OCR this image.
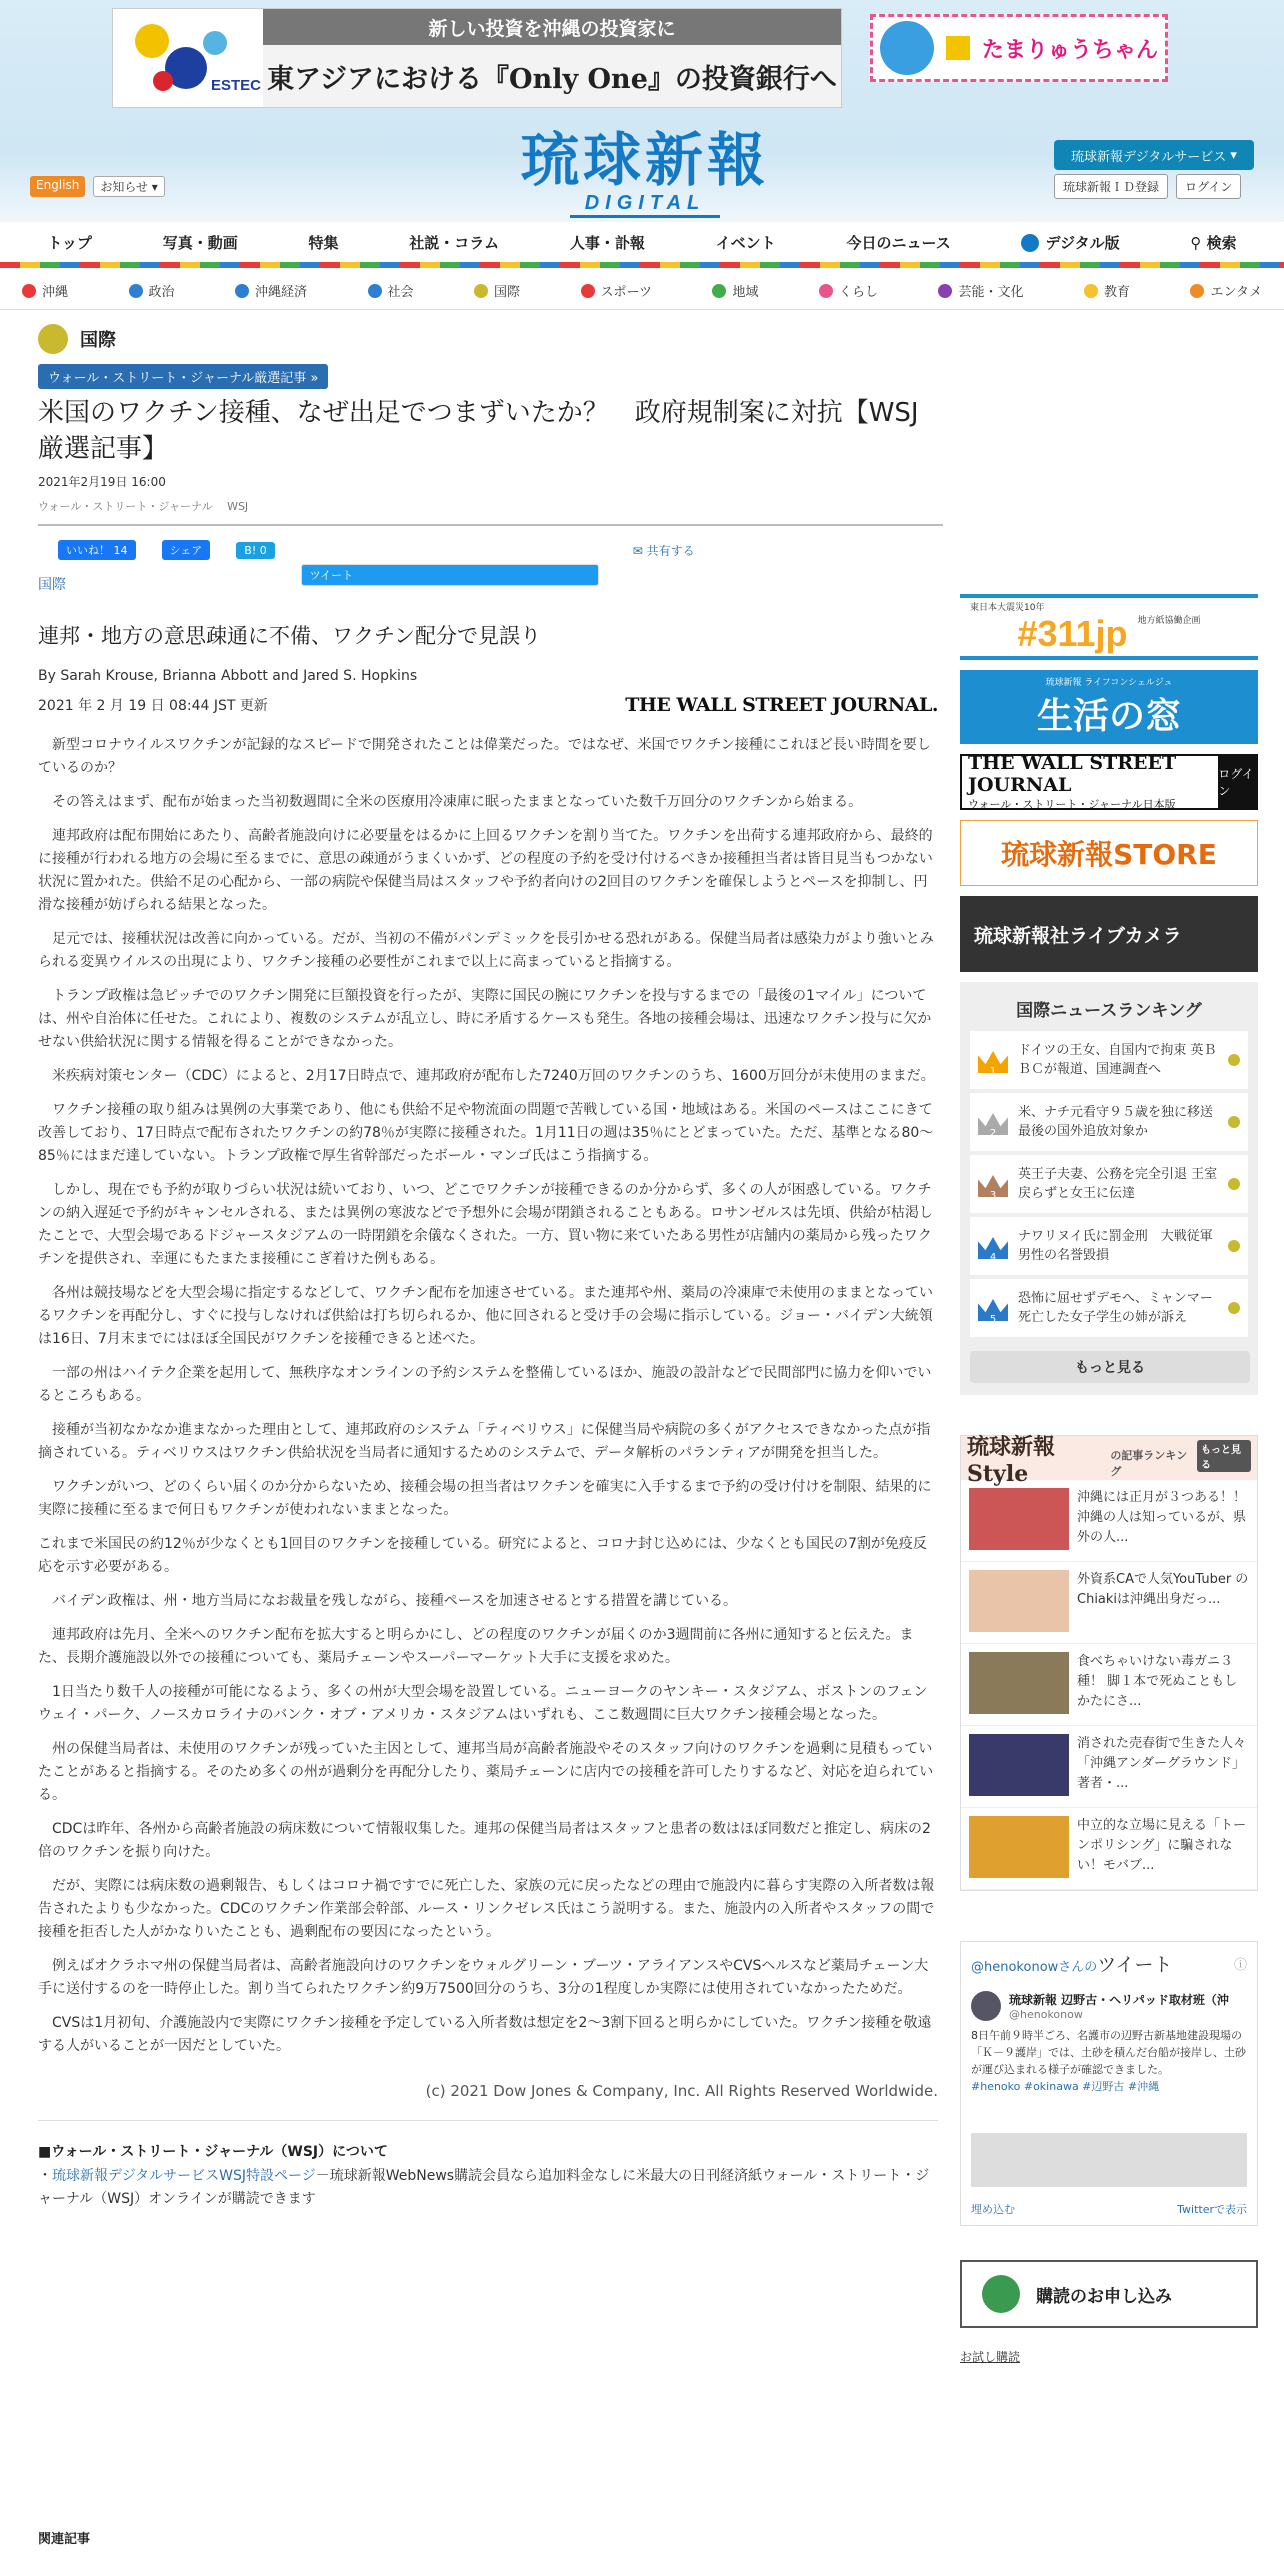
ESTEC
新しい投資を沖縄の投資家に
東アジアにおける『Only One』の投資銀行へ
たまりゅうちゃん
琉球新報
DIGITAL
English	お知らせ ▾
琉球新報デジタルサービス ▾
琉球新報ＩＤ登録	ログイン
トップ	写真・動画	特集	社説・コラム	人事・訃報	イベント	今日のニュース	デジタル版	⚲ 検索
沖縄	政治	沖縄経済	社会	国際	スポーツ	地域	くらし	芸能・文化	教育	エンタメ
国際
ウォール・ストリート・ジャーナル厳選記事 »
米国のワクチン接種、なぜ出足でつまずいたか？　政府規制案に対抗【WSJ厳選記事】
2021年2月19日 16:00
ウォール・ストリート・ジャーナル　 WSJ
いいね！ 14	シェア	B! 0
ツイート
✉ 共有する
国際
連邦・地方の意思疎通に不備、ワクチン配分で見誤り
By Sarah Krouse, Brianna Abbott and Jared S. Hopkins
2021 年 2 月 19 日 08:44 JST 更新	THE WALL STREET JOURNAL.

新型コロナウイルスワクチンが記録的なスピードで開発されたことは偉業だった。ではなぜ、米国でワクチン接種にこれほど長い時間を要しているのか？

その答えはまず、配布が始まった当初数週間に全米の医療用冷凍庫に眠ったままとなっていた数千万回分のワクチンから始まる。

連邦政府は配布開始にあたり、高齢者施設向けに必要量をはるかに上回るワクチンを割り当てた。ワクチンを出荷する連邦政府から、最終的に接種が行われる地方の会場に至るまでに、意思の疎通がうまくいかず、どの程度の予約を受け付けるべきか接種担当者は皆目見当もつかない状況に置かれた。供給不足の心配から、一部の病院や保健当局はスタッフや予約者向けの2回目のワクチンを確保しようとペースを抑制し、円滑な接種が妨げられる結果となった。

足元では、接種状況は改善に向かっている。だが、当初の不備がパンデミックを長引かせる恐れがある。保健当局者は感染力がより強いとみられる変異ウイルスの出現により、ワクチン接種の必要性がこれまで以上に高まっていると指摘する。

トランプ政権は急ピッチでのワクチン開発に巨額投資を行ったが、実際に国民の腕にワクチンを投与するまでの「最後の1マイル」については、州や自治体に任せた。これにより、複数のシステムが乱立し、時に矛盾するケースも発生。各地の接種会場は、迅速なワクチン投与に欠かせない供給状況に関する情報を得ることができなかった。

米疾病対策センター（CDC）によると、2月17日時点で、連邦政府が配布した7240万回のワクチンのうち、1600万回分が未使用のままだ。

ワクチン接種の取り組みは異例の大事業であり、他にも供給不足や物流面の問題で苦戦している国・地域はある。米国のペースはここにきて改善しており、17日時点で配布されたワクチンの約78％が実際に接種された。1月11日の週は35％にとどまっていた。ただ、基準となる80～85％にはまだ達していない。トランプ政権で厚生省幹部だったボール・マンゴ氏はこう指摘する。

しかし、現在でも予約が取りづらい状況は続いており、いつ、どこでワクチンが接種できるのか分からず、多くの人が困惑している。ワクチンの納入遅延で予約がキャンセルされる、または異例の寒波などで予想外に会場が閉鎖されることもある。ロサンゼルスは先頃、供給が枯渇したことで、大型会場であるドジャースタジアムの一時閉鎖を余儀なくされた。一方、買い物に来ていたある男性が店舗内の薬局から残ったワクチンを提供され、幸運にもたまたま接種にこぎ着けた例もある。

各州は競技場などを大型会場に指定するなどして、ワクチン配布を加速させている。また連邦や州、薬局の冷凍庫で未使用のままとなっているワクチンを再配分し、すぐに投与しなければ供給は打ち切られるか、他に回されると受け手の会場に指示している。ジョー・バイデン大統領は16日、7月末までにはほぼ全国民がワクチンを接種できると述べた。

一部の州はハイテク企業を起用して、無秩序なオンラインの予約システムを整備しているほか、施設の設計などで民間部門に協力を仰いでいるところもある。

接種が当初なかなか進まなかった理由として、連邦政府のシステム「ティベリウス」に保健当局や病院の多くがアクセスできなかった点が指摘されている。ティベリウスはワクチン供給状況を当局者に通知するためのシステムで、データ解析のパランティアが開発を担当した。

ワクチンがいつ、どのくらい届くのか分からないため、接種会場の担当者はワクチンを確実に入手するまで予約の受け付けを制限、結果的に実際に接種に至るまで何日もワクチンが使われないままとなった。

これまで米国民の約12％が少なくとも1回目のワクチンを接種している。研究によると、コロナ封じ込めには、少なくとも国民の7割が免疫反応を示す必要がある。

バイデン政権は、州・地方当局になお裁量を残しながら、接種ペースを加速させるとする措置を講じている。

連邦政府は先月、全米へのワクチン配布を拡大すると明らかにし、どの程度のワクチンが届くのか3週間前に各州に通知すると伝えた。また、長期介護施設以外での接種についても、薬局チェーンやスーパーマーケット大手に支援を求めた。

1日当たり数千人の接種が可能になるよう、多くの州が大型会場を設置している。ニューヨークのヤンキー・スタジアム、ボストンのフェンウェイ・パーク、ノースカロライナのバンク・オブ・アメリカ・スタジアムはいずれも、ここ数週間に巨大ワクチン接種会場となった。

州の保健当局者は、未使用のワクチンが残っていた主因として、連邦当局が高齢者施設やそのスタッフ向けのワクチンを過剰に見積もっていたことがあると指摘する。そのため多くの州が過剰分を再配分したり、薬局チェーンに店内での接種を許可したりするなど、対応を迫られている。

CDCは昨年、各州から高齢者施設の病床数について情報収集した。連邦の保健当局者はスタッフと患者の数はほぼ同数だと推定し、病床の2倍のワクチンを振り向けた。

だが、実際には病床数の過剰報告、もしくはコロナ禍ですでに死亡した、家族の元に戻ったなどの理由で施設内に暮らす実際の入所者数は報告されたよりも少なかった。CDCのワクチン作業部会幹部、ルース・リンクゼレス氏はこう説明する。また、施設内の入所者やスタッフの間で接種を拒否した人がかなりいたことも、過剰配布の要因になったという。

例えばオクラホマ州の保健当局者は、高齢者施設向けのワクチンをウォルグリーン・ブーツ・アライアンスやCVSヘルスなど薬局チェーン大手に送付するのを一時停止した。割り当てられたワクチン約9万7500回分のうち、3分の1程度しか実際には使用されていなかったためだ。

CVSは1月初旬、介護施設内で実際にワクチン接種を予定している入所者数は想定を2～3割下回ると明らかにしていた。ワクチン接種を敬遠する人がいることが一因だとしていた。

(c) 2021 Dow Jones & Company, Inc. All Rights Reserved Worldwide.
■ウォール・ストリート・ジャーナル（WSJ）について
・琉球新報デジタルサービスWSJ特設ページ－琉球新報WebNews購読会員なら追加料金なしに米最大の日刊経済紙ウォール・ストリート・ジャーナル（WSJ）オンラインが購読できます
関連記事
東日本大震災10年
#311jp 地方紙協働企画
琉球新報 ライフコンシェルジュ
生活の窓
THE WALL STREET JOURNAL
ウォール・ストリート・ジャーナル日本版
ログイン
琉球新報STORE
琉球新報社ライブカメラ
国際ニュースランキング
1
ドイツの王女、自国内で拘束 英ＢＢＣが報道、国連調査へ
2
米、ナチ元看守９５歳を独に移送　最後の国外追放対象か
3
英王子夫妻、公務を完全引退 王室戻らずと女王に伝達
4
ナワリヌイ氏に罰金刑　大戦従軍男性の名誉毀損
5
恐怖に屈せずデモへ、ミャンマー　死亡した女子学生の姉が訴え
もっと見る
琉球新報Style
の記事ランキング
もっと見る
沖縄には正月が３つある！！　沖縄の人は知っているが、県外の人...
外資系CAで人気YouTuber のChiakiは沖縄出身だっ...
食べちゃいけない毒ガニ３種！ 脚１本で死ぬこともしかたにさ...
消された売春街で生きた人々「沖縄アンダーグラウンド」著者・...
中立的な立場に見える「トーンポリシング」に騙されない！モバブ...
@henokonowさんのツイート	ⓘ
琉球新報 辺野古・ヘリパッド取材班（沖
@henokonow
8日午前９時半ごろ、名護市の辺野古新基地建設現場の「Ｋ－９護岸」では、土砂を積んだ台船が接岸し、土砂が運び込まれる様子が確認できました。
#henoko #okinawa #辺野古 #沖縄
埋め込む	Twitterで表示
購読のお申し込み
お試し購読
